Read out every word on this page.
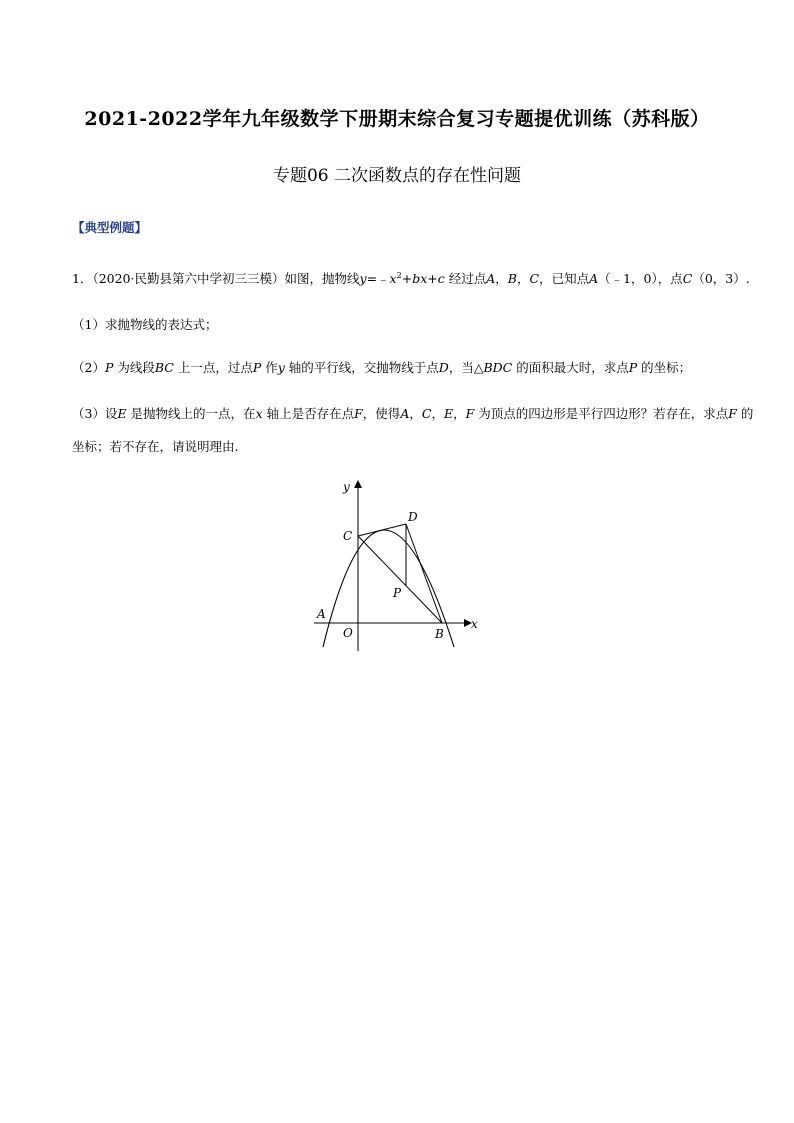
2021-2022学年九年级数学下册期末综合复习专题提优训练（苏科版）
专题06 二次函数点的存在性问题
【典型例题】
1．（2020·民勤县第六中学初三三模）如图，抛物线$y=﹣x^2+bx+c$ 经过点A，B，C，已知点A（﹣1，0），点C（0，3）.
（1）求抛物线的表达式；
（2）P 为线段BC 上一点，过点P 作y 轴的平行线，交抛物线于点D，当△BDC 的面积最大时，求点P 的坐标；
（3）设E 是抛物线上的一点，在x 轴上是否存在点F，使得A，C，E，F 为顶点的四边形是平行四边形？若存在，求点F 的
坐标；若不存在，请说明理由.
y
x
O
A
B
C
D
P
